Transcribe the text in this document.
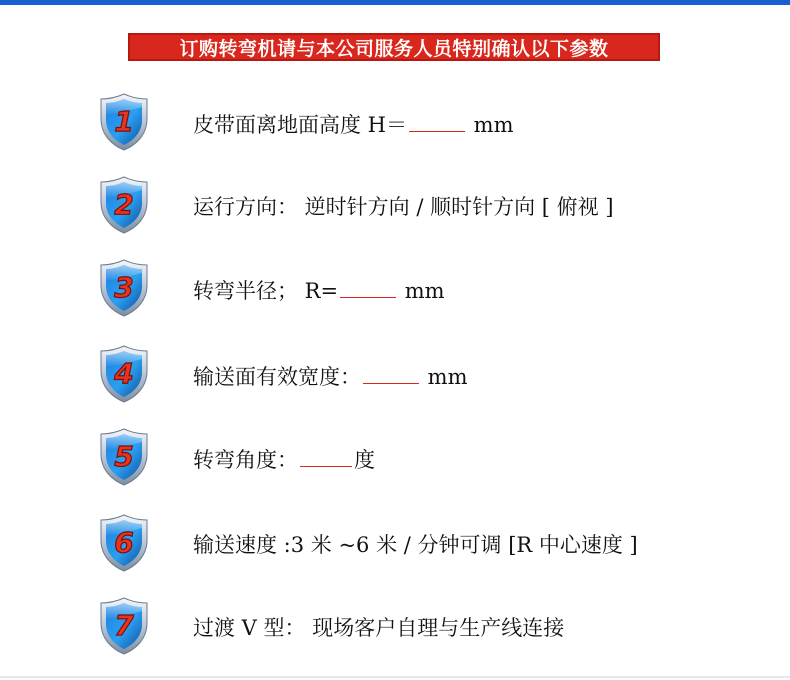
订购转弯机请与本公司服务人员特别确认以下参数
1	皮带面离地面高度 H＝	mm
2	运行方向： 逆时针方向 / 顺时针方向 [ 俯视 ]
3	转弯半径； R=	mm
4	输送面有效宽度：	mm
5	转弯角度：	度
6	输送速度 :3 米 ~6 米 / 分钟可调 [R 中心速度 ]
7	过渡 V 型： 现场客户自理与生产线连接
